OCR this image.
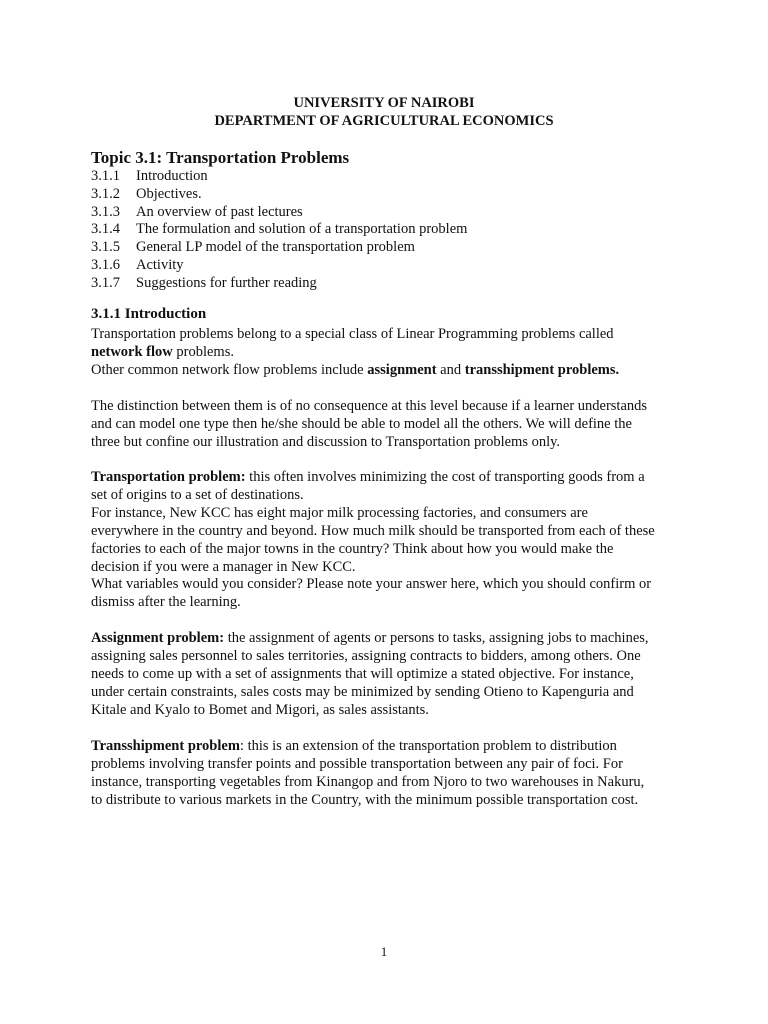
UNIVERSITY OF NAIROBI
DEPARTMENT OF AGRICULTURAL ECONOMICS
Topic 3.1: Transportation Problems
3.1.1	Introduction
3.1.2	Objectives.
3.1.3	An overview of past lectures
3.1.4	The formulation and solution of a transportation problem
3.1.5	General LP model of the transportation problem
3.1.6	Activity
3.1.7	Suggestions for further reading
3.1.1 Introduction

Transportation problems belong to a special class of Linear Programming problems called

network flow problems.

Other common network flow problems include assignment and transshipment problems.

The distinction between them is of no consequence at this level because if a learner understands

and can model one type then he/she should be able to model all the others. We will define the

three but confine our illustration and discussion to Transportation problems only.

Transportation problem: this often involves minimizing the cost of transporting goods from a

set of origins to a set of destinations.

For instance, New KCC has eight major milk processing factories, and consumers are

everywhere in the country and beyond. How much milk should be transported from each of these

factories to each of the major towns in the country? Think about how you would make the

decision if you were a manager in New KCC.

What variables would you consider? Please note your answer here, which you should confirm or

dismiss after the learning.

Assignment problem: the assignment of agents or persons to tasks, assigning jobs to machines,

assigning sales personnel to sales territories, assigning contracts to bidders, among others. One

needs to come up with a set of assignments that will optimize a stated objective. For instance,

under certain constraints, sales costs may be minimized by sending Otieno to Kapenguria and

Kitale and Kyalo to Bomet and Migori, as sales assistants.

Transshipment problem: this is an extension of the transportation problem to distribution

problems involving transfer points and possible transportation between any pair of foci. For

instance, transporting vegetables from Kinangop and from Njoro to two warehouses in Nakuru,

to distribute to various markets in the Country, with the minimum possible transportation cost.

1
